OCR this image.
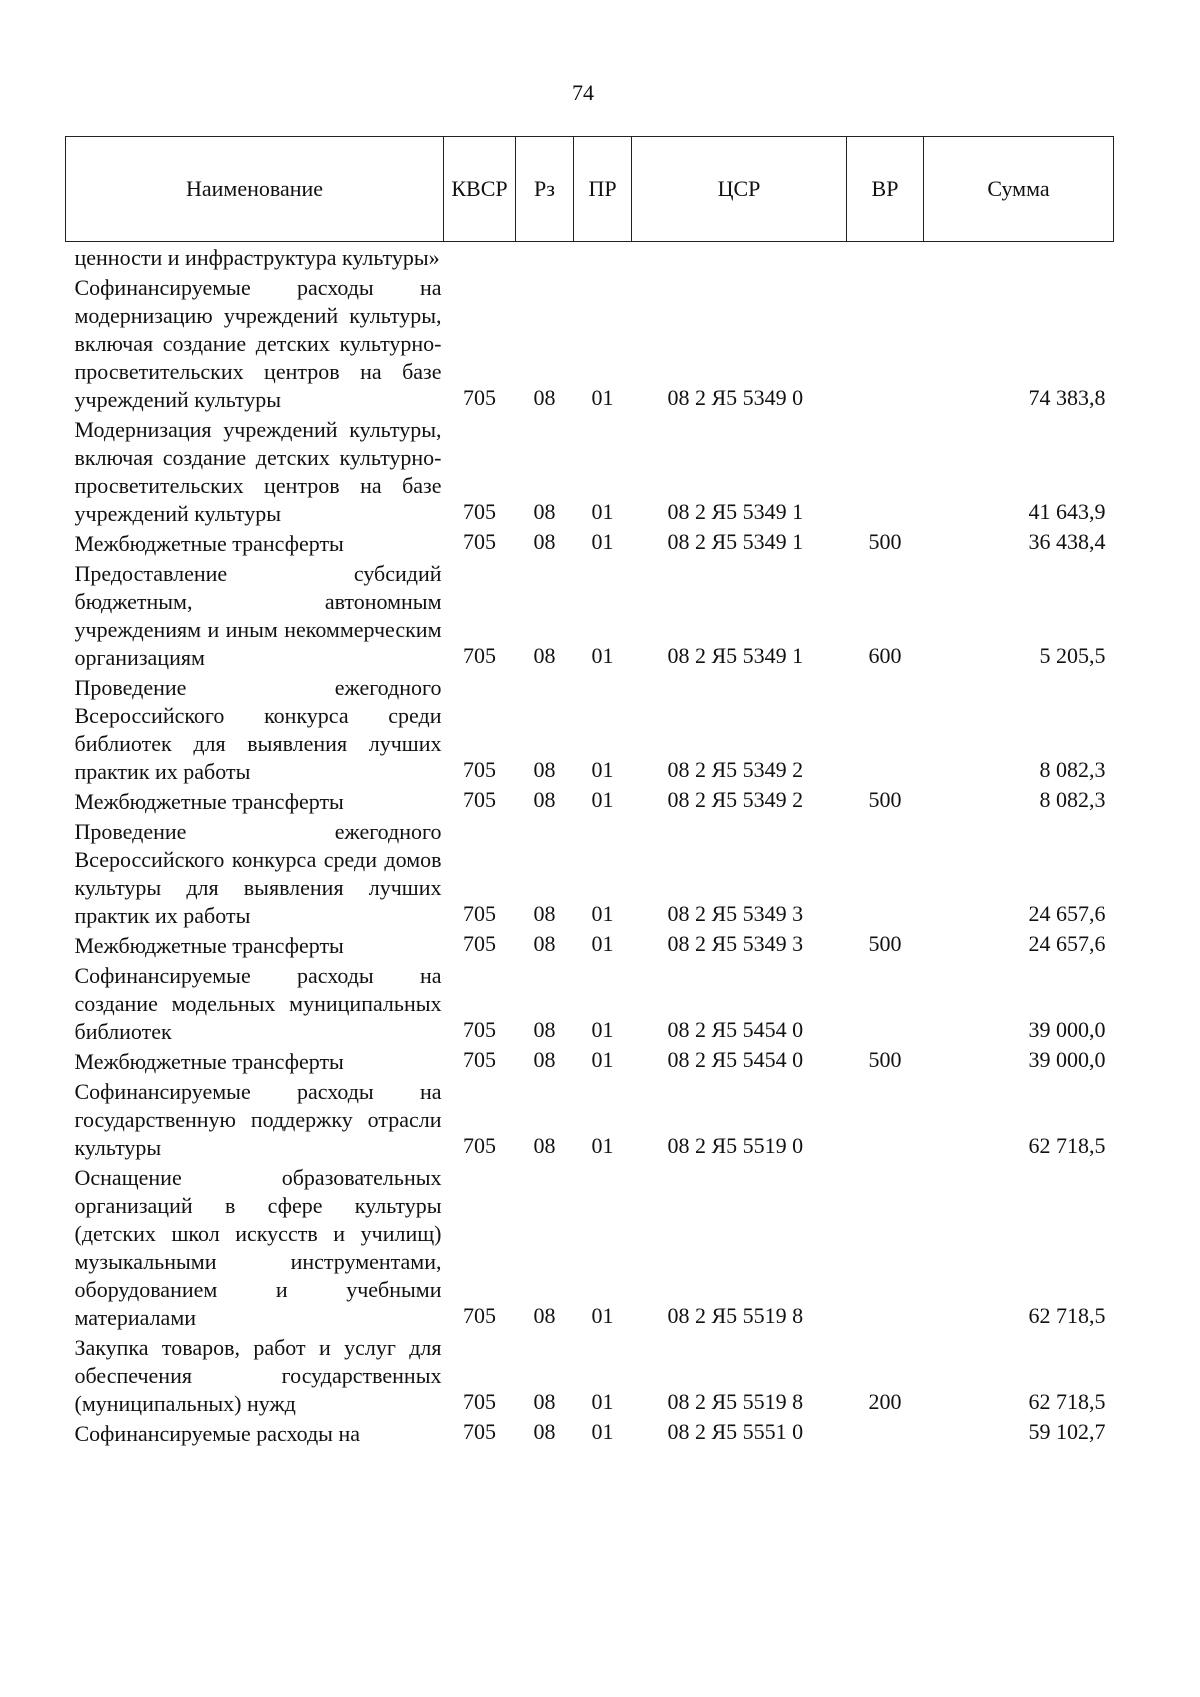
74
Наименование	КВСР	Рз	ПР	ЦСР	ВР	Сумма
ценности и инфраструктура культуры»						
Софинансируемые расходы на модернизацию учреждений культуры, включая создание детских культурно-просветительских центров на базе учреждений культуры	705	08	01	08 2 Я5 5349 0		74 383,8
Модернизация учреждений культуры, включая создание детских культурно-просветительских центров на базе учреждений культуры	705	08	01	08 2 Я5 5349 1		41 643,9
Межбюджетные трансферты	705	08	01	08 2 Я5 5349 1	500	36 438,4
Предоставление субсидий бюджетным, автономным учреждениям и иным некоммерческим организациям	705	08	01	08 2 Я5 5349 1	600	5 205,5
Проведение ежегодного Всероссийского конкурса среди библиотек для выявления лучших практик их работы	705	08	01	08 2 Я5 5349 2		8 082,3
Межбюджетные трансферты	705	08	01	08 2 Я5 5349 2	500	8 082,3
Проведение ежегодного Всероссийского конкурса среди домов культуры для выявления лучших практик их работы	705	08	01	08 2 Я5 5349 3		24 657,6
Межбюджетные трансферты	705	08	01	08 2 Я5 5349 3	500	24 657,6
Софинансируемые расходы на создание модельных муниципальных библиотек	705	08	01	08 2 Я5 5454 0		39 000,0
Межбюджетные трансферты	705	08	01	08 2 Я5 5454 0	500	39 000,0
Софинансируемые расходы на государственную поддержку отрасли культуры	705	08	01	08 2 Я5 5519 0		62 718,5
Оснащение образовательных организаций в сфере культуры (детских школ искусств и училищ) музыкальными инструментами, оборудованием и учебными материалами	705	08	01	08 2 Я5 5519 8		62 718,5
Закупка товаров, работ и услуг для обеспечения государственных (муниципальных) нужд	705	08	01	08 2 Я5 5519 8	200	62 718,5
Софинансируемые расходы на	705	08	01	08 2 Я5 5551 0		59 102,7
